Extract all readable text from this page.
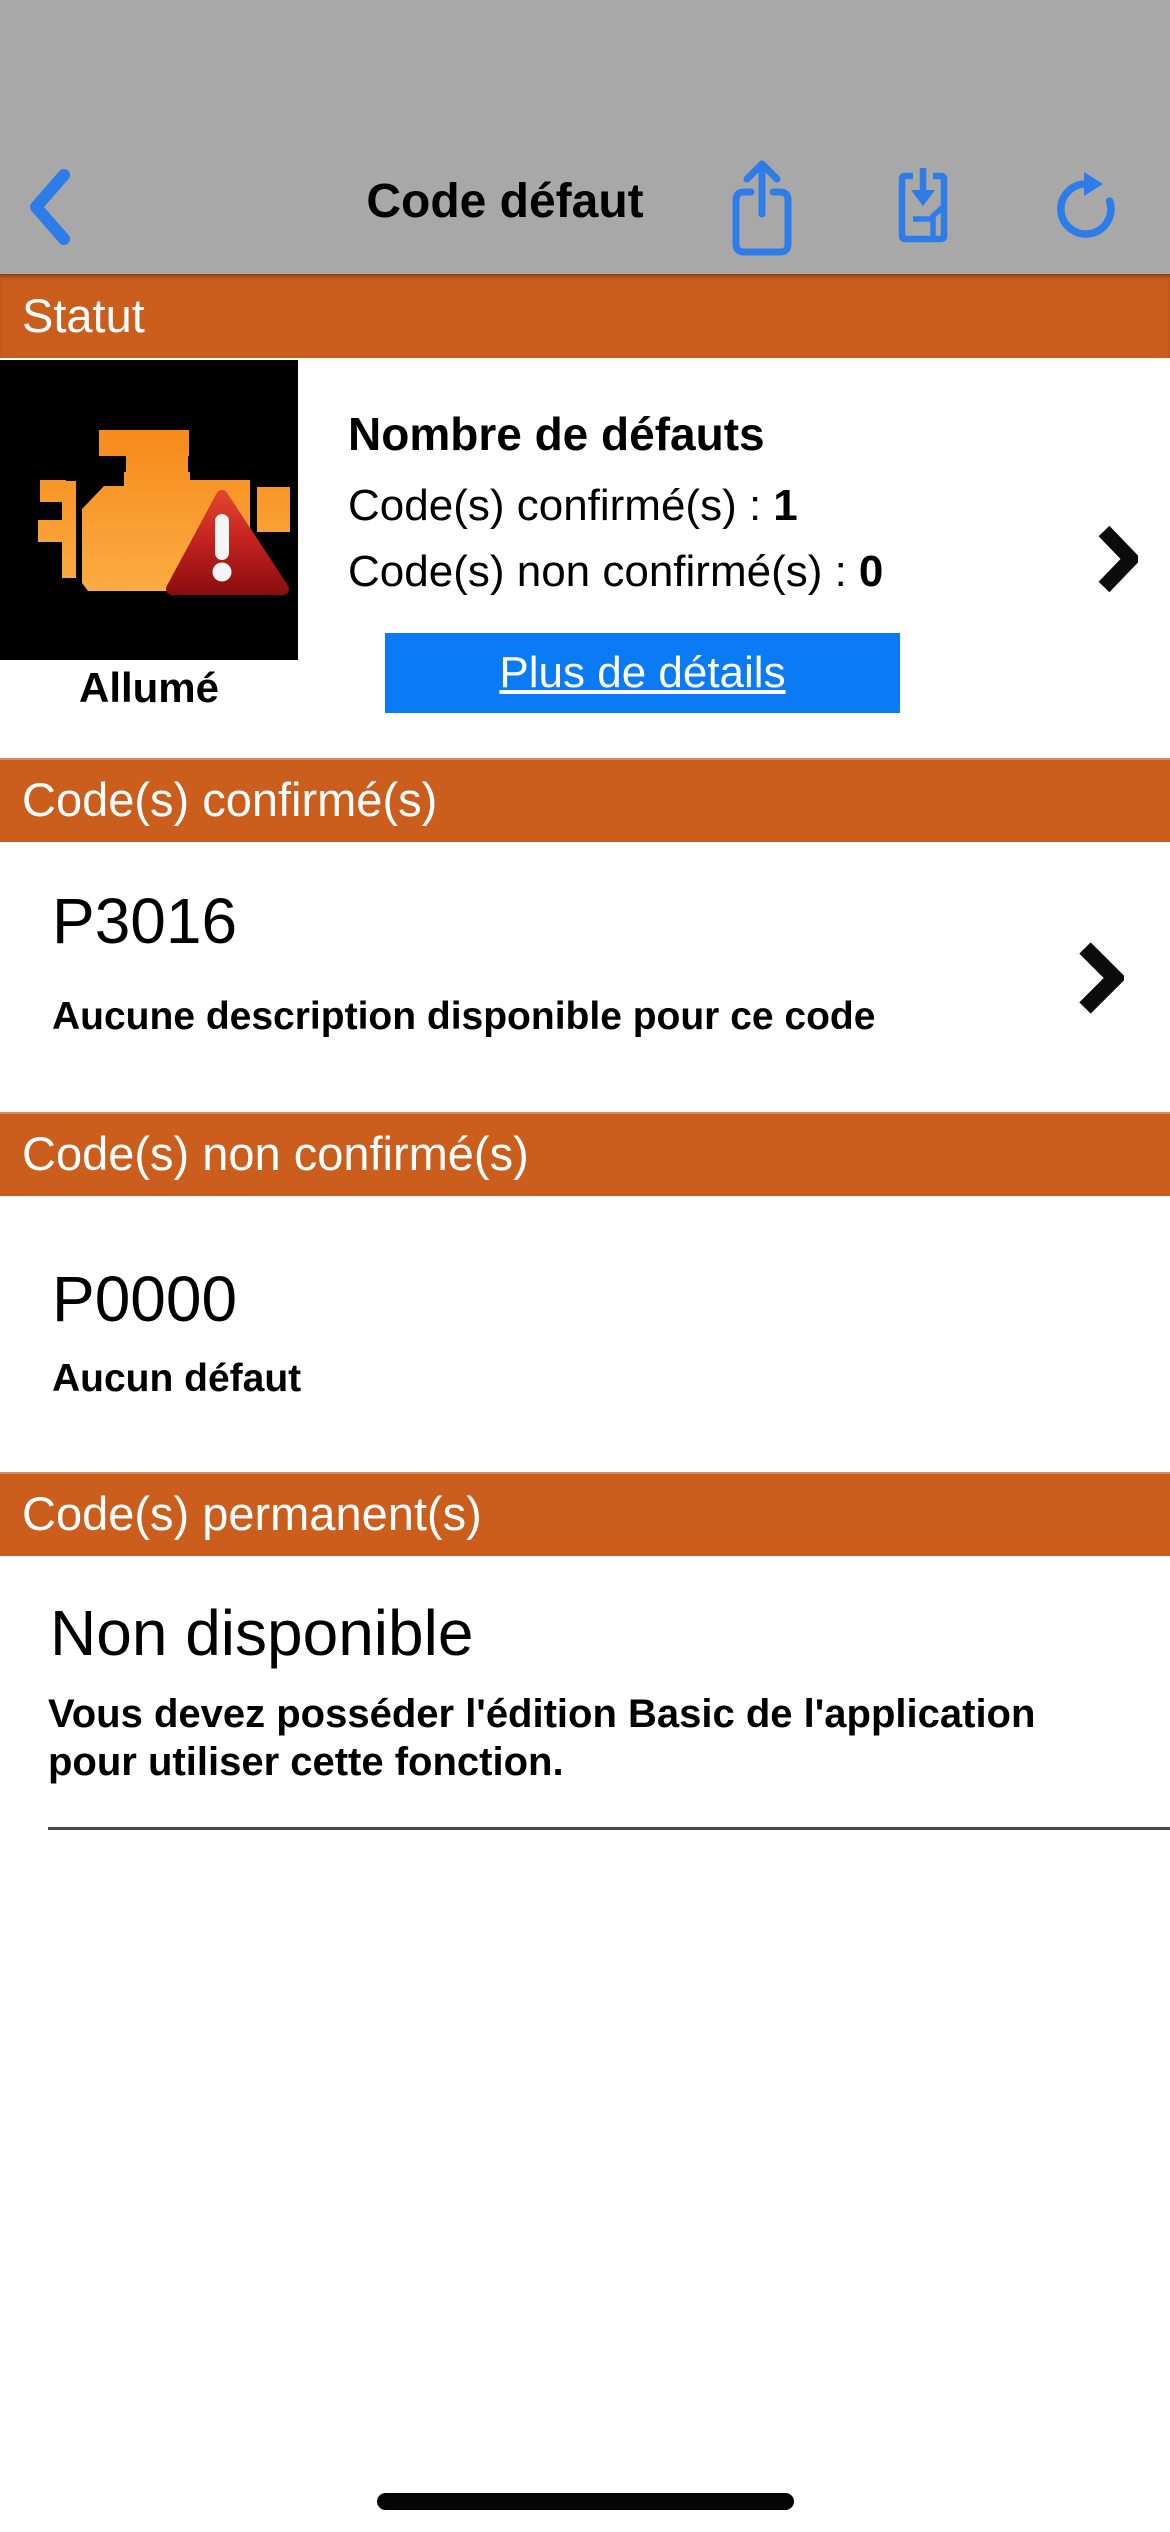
Code défaut
Statut
Allumé
Nombre de défauts
Code(s) confirmé(s) : 1
Code(s) non confirmé(s) : 0
Plus de détails
Code(s) confirmé(s)
P3016
Aucune description disponible pour ce code
Code(s) non confirmé(s)
P0000
Aucun défaut
Code(s) permanent(s)
Non disponible
Vous devez posséder l'édition Basic de l'application
pour utiliser cette fonction.
